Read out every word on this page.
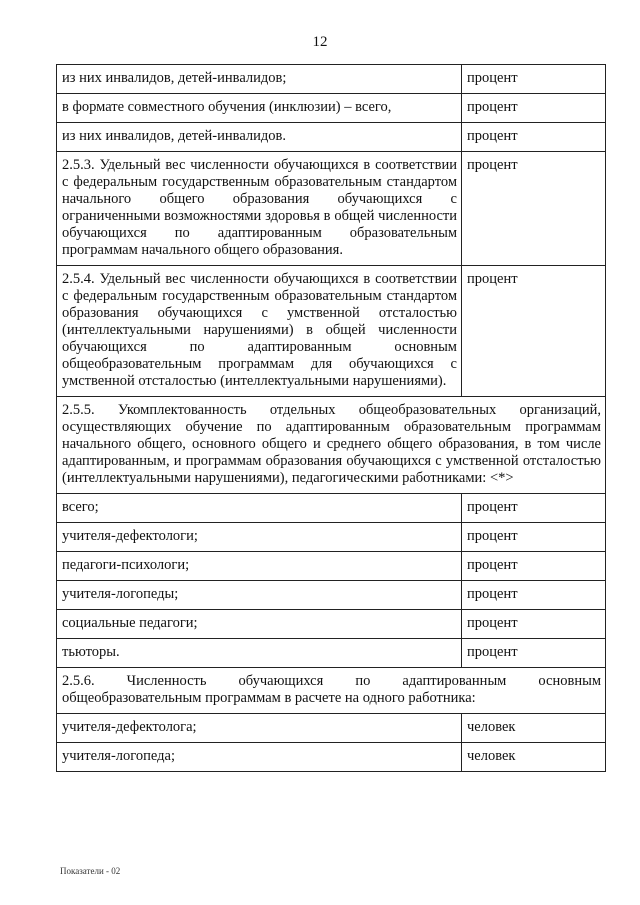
12
из них инвалидов, детей-инвалидов;	процент
в формате совместного обучения (инклюзии) – всего,	процент
из них инвалидов, детей-инвалидов.	процент
2.5.3. Удельный вес численности обучающихся в соответствии с федеральным государственным образовательным стандартом начального общего образования обучающихся с ограниченными возможностями здоровья в общей численности обучающихся по адаптированным образовательным программам начального общего образования.	процент
2.5.4. Удельный вес численности обучающихся в соответствии с федеральным государственным образовательным стандартом образования обучающихся с умственной отсталостью (интеллектуальными нарушениями) в общей численности обучающихся по адаптированным основным общеобразовательным программам для обучающихся с умственной отсталостью (интеллектуальными нарушениями).	процент
2.5.5. Укомплектованность отдельных общеобразовательных организаций, осуществляющих обучение по адаптированным образовательным программам начального общего, основного общего и среднего общего образования, в том числе адаптированным, и программам образования обучающихся с умственной отсталостью (интеллектуальными нарушениями), педагогическими работниками: <*>	
всего;	процент
учителя-дефектологи;	процент
педагоги-психологи;	процент
учителя-логопеды;	процент
социальные педагоги;	процент
тьюторы.	процент
2.5.6. Численность обучающихся по адаптированным основным общеобразовательным программам в расчете на одного работника:	
учителя-дефектолога;	человек
учителя-логопеда;	человек
Показатели - 02
